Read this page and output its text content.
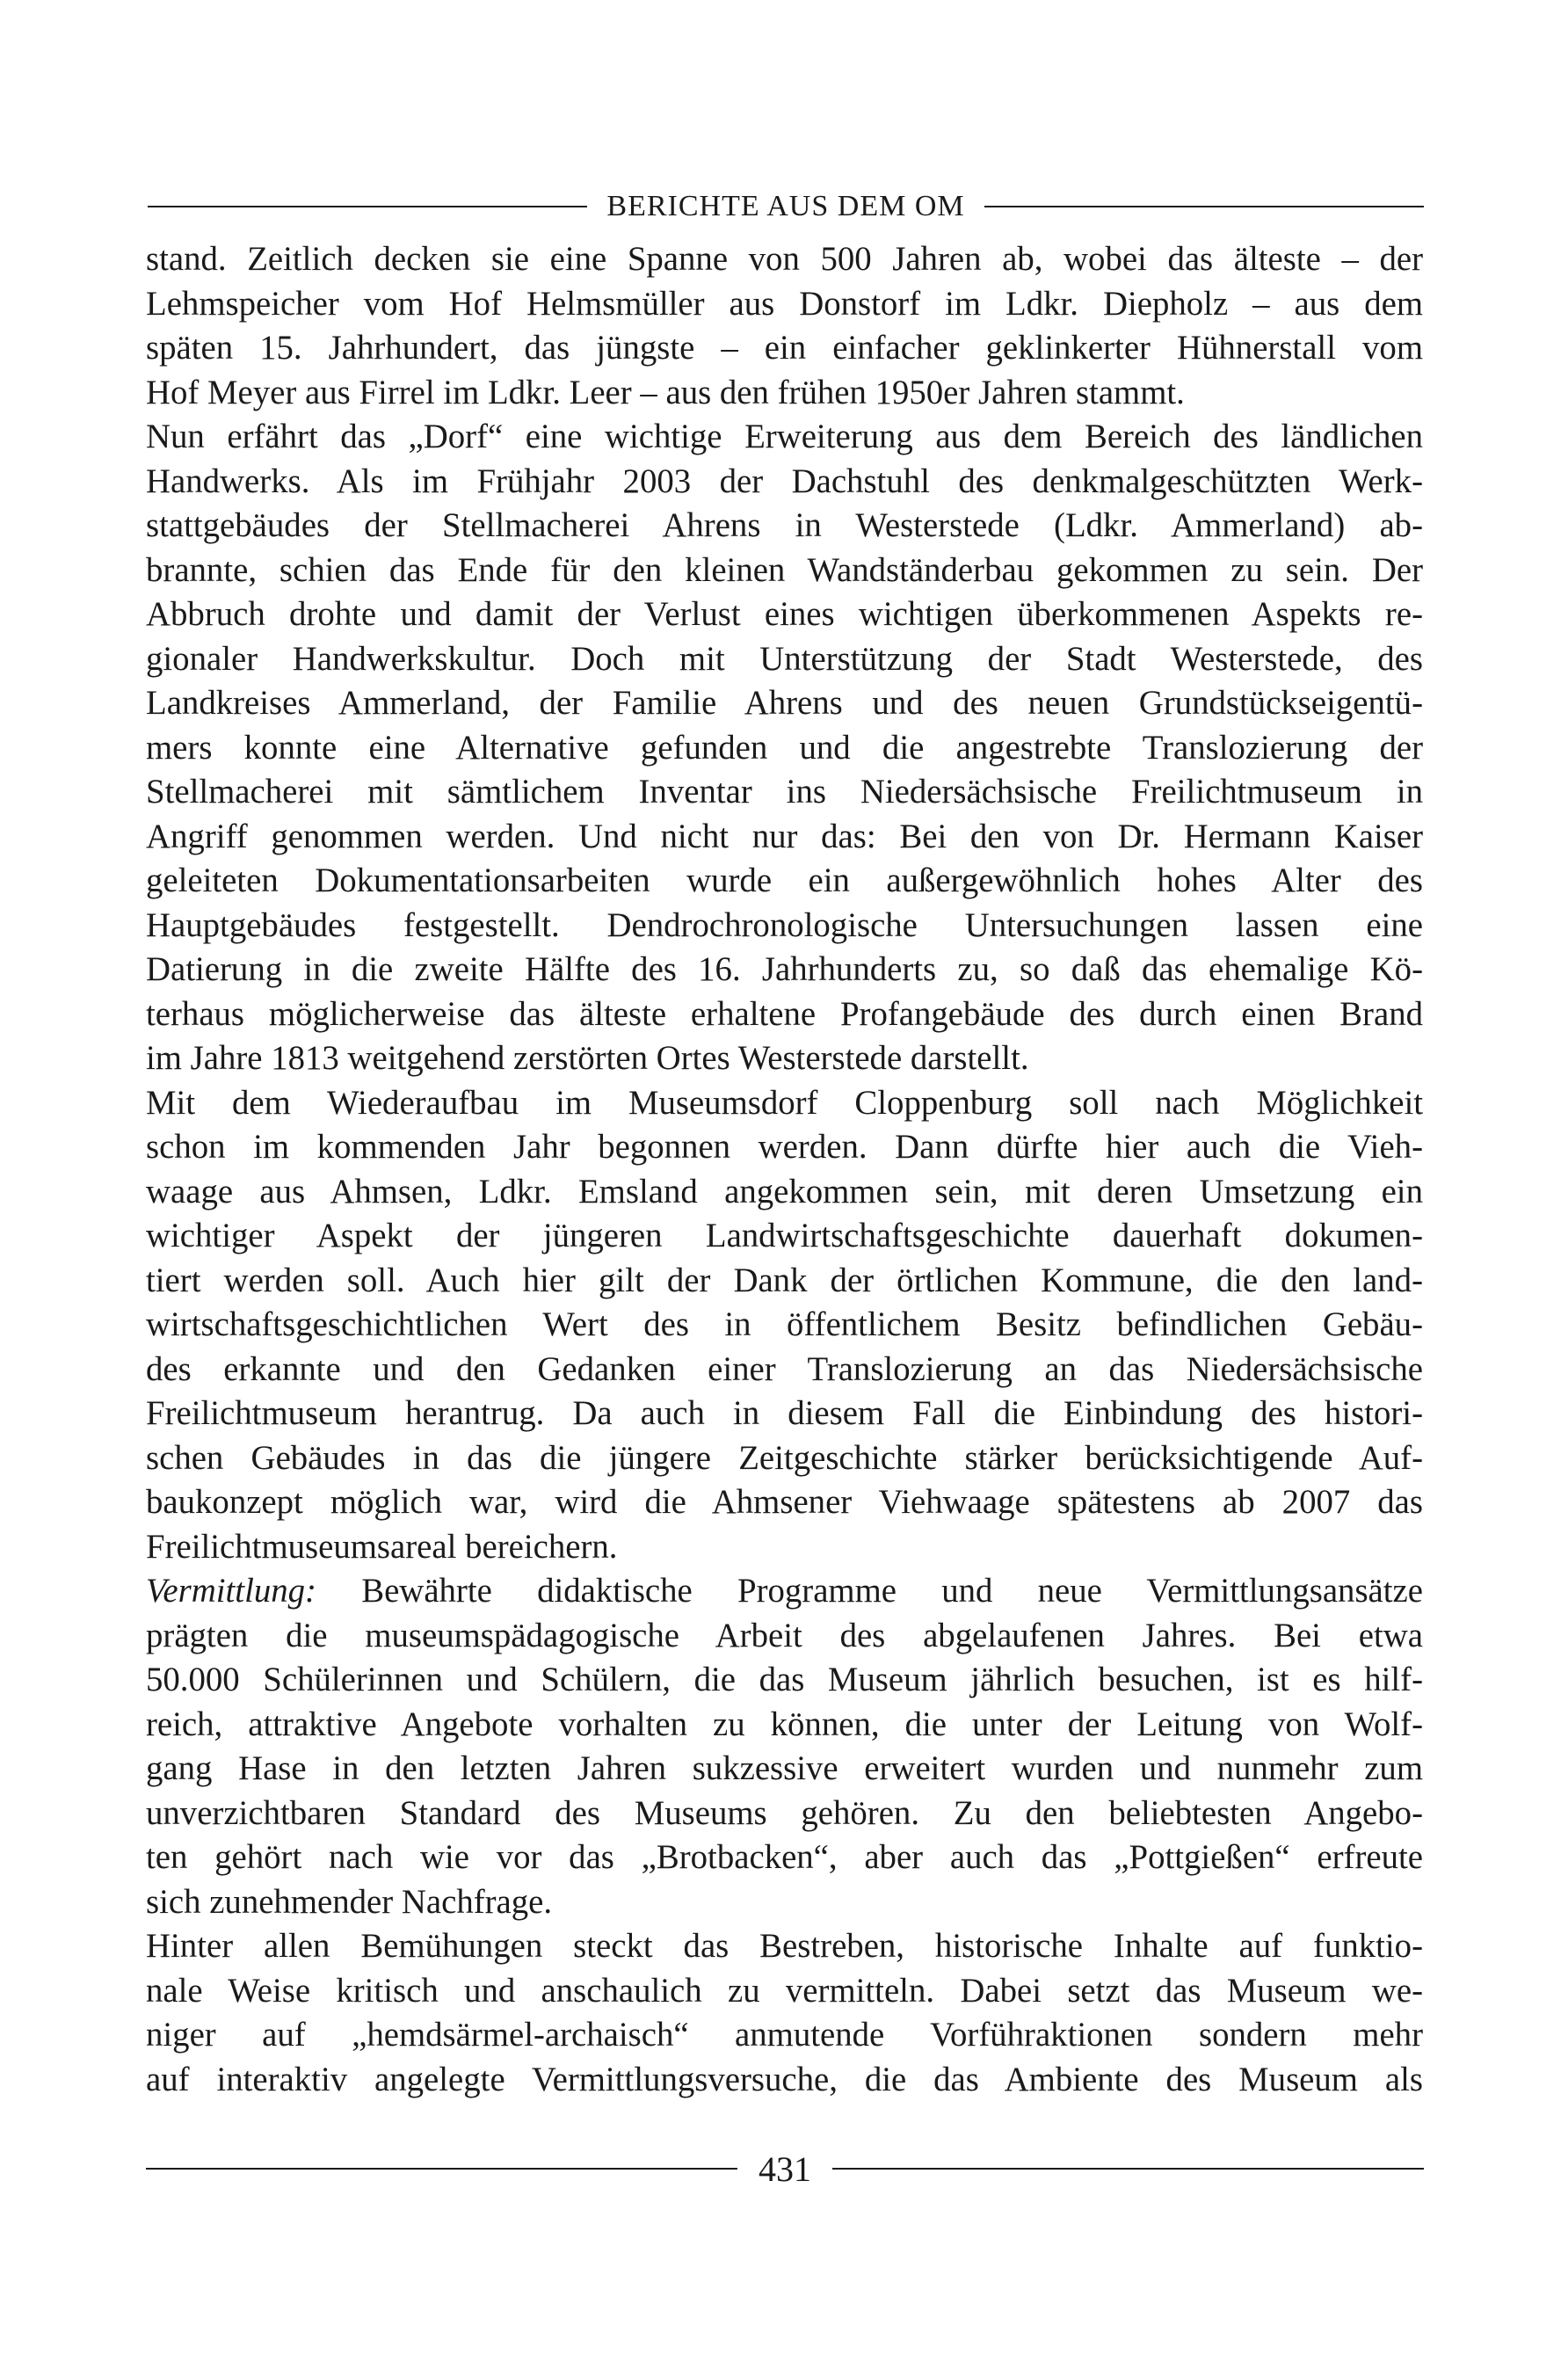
BERICHTE AUS DEM OM
stand. Zeitlich decken sie eine Spanne von 500 Jahren ab, wobei das älteste – der
Lehmspeicher vom Hof Helmsmüller aus Donstorf im Ldkr. Diepholz – aus dem
späten 15. Jahrhundert, das jüngste – ein einfacher geklinkerter Hühnerstall vom
Hof Meyer aus Firrel im Ldkr. Leer – aus den frühen 1950er Jahren stammt.
Nun erfährt das „Dorf“ eine wichtige Erweiterung aus dem Bereich des ländlichen
Handwerks. Als im Frühjahr 2003 der Dachstuhl des denkmalgeschützten Werk-
stattgebäudes der Stellmacherei Ahrens in Westerstede (Ldkr. Ammerland) ab-
brannte, schien das Ende für den kleinen Wandständerbau gekommen zu sein. Der
Abbruch drohte und damit der Verlust eines wichtigen überkommenen Aspekts re-
gionaler Handwerkskultur. Doch mit Unterstützung der Stadt Westerstede, des
Landkreises Ammerland, der Familie Ahrens und des neuen Grundstückseigentü-
mers konnte eine Alternative gefunden und die angestrebte Translozierung der
Stellmacherei mit sämtlichem Inventar ins Niedersächsische Freilichtmuseum in
Angriff genommen werden. Und nicht nur das: Bei den von Dr. Hermann Kaiser
geleiteten Dokumentationsarbeiten wurde ein außergewöhnlich hohes Alter des
Hauptgebäudes festgestellt. Dendrochronologische Untersuchungen lassen eine
Datierung in die zweite Hälfte des 16. Jahrhunderts zu, so daß das ehemalige Kö-
terhaus möglicherweise das älteste erhaltene Profangebäude des durch einen Brand
im Jahre 1813 weitgehend zerstörten Ortes Westerstede darstellt.
Mit dem Wiederaufbau im Museumsdorf Cloppenburg soll nach Möglichkeit
schon im kommenden Jahr begonnen werden. Dann dürfte hier auch die Vieh-
waage aus Ahmsen, Ldkr. Emsland angekommen sein, mit deren Umsetzung ein
wichtiger Aspekt der jüngeren Landwirtschaftsgeschichte dauerhaft dokumen-
tiert werden soll. Auch hier gilt der Dank der örtlichen Kommune, die den land-
wirtschaftsgeschichtlichen Wert des in öffentlichem Besitz befindlichen Gebäu-
des erkannte und den Gedanken einer Translozierung an das Niedersächsische
Freilichtmuseum herantrug. Da auch in diesem Fall die Einbindung des histori-
schen Gebäudes in das die jüngere Zeitgeschichte stärker berücksichtigende Auf-
baukonzept möglich war, wird die Ahmsener Viehwaage spätestens ab 2007 das
Freilichtmuseumsareal bereichern.
Vermittlung: Bewährte didaktische Programme und neue Vermittlungsansätze
prägten die museumspädagogische Arbeit des abgelaufenen Jahres. Bei etwa
50.000 Schülerinnen und Schülern, die das Museum jährlich besuchen, ist es hilf-
reich, attraktive Angebote vorhalten zu können, die unter der Leitung von Wolf-
gang Hase in den letzten Jahren sukzessive erweitert wurden und nunmehr zum
unverzichtbaren Standard des Museums gehören. Zu den beliebtesten Angebo-
ten gehört nach wie vor das „Brotbacken“, aber auch das „Pottgießen“ erfreute
sich zunehmender Nachfrage.
Hinter allen Bemühungen steckt das Bestreben, historische Inhalte auf funktio-
nale Weise kritisch und anschaulich zu vermitteln. Dabei setzt das Museum we-
niger auf „hemdsärmel-archaisch“ anmutende Vorführaktionen sondern mehr
auf interaktiv angelegte Vermittlungsversuche, die das Ambiente des Museum als
431
